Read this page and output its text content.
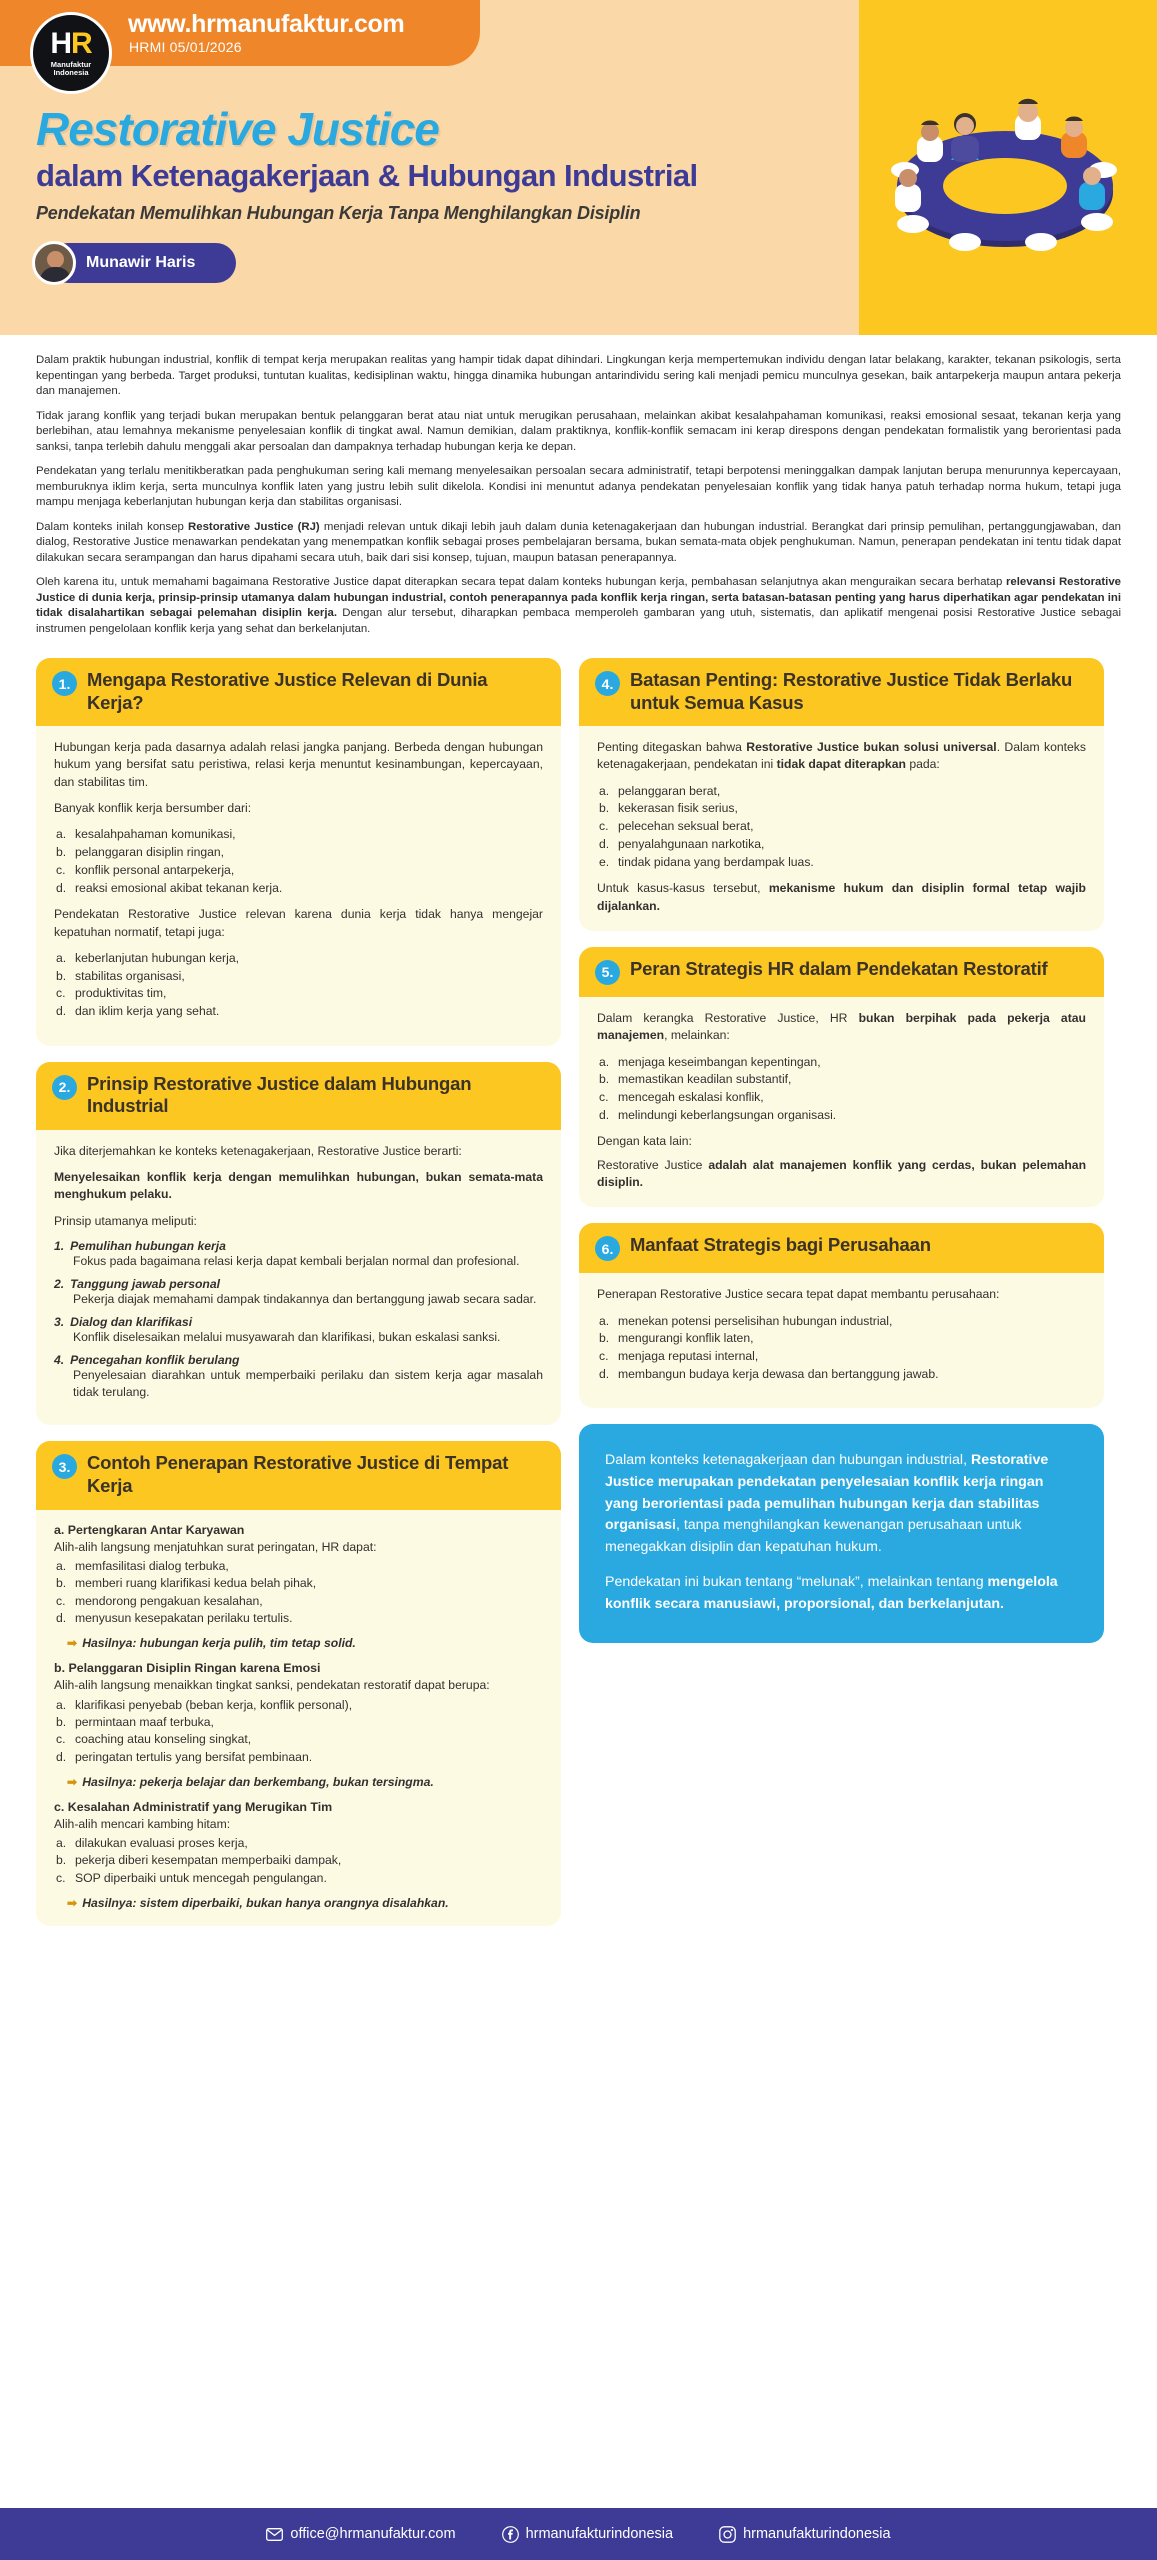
HR
Manufaktur
Indonesia
www.hrmanufaktur.com
HRMI 05/01/2026
Restorative Justice
dalam Ketenagakerjaan & Hubungan Industrial
Pendekatan Memulihkan Hubungan Kerja Tanpa Menghilangkan Disiplin
Munawir Haris

Dalam praktik hubungan industrial, konflik di tempat kerja merupakan realitas yang hampir tidak dapat dihindari. Lingkungan kerja mempertemukan individu dengan latar belakang, karakter, tekanan psikologis, serta kepentingan yang berbeda. Target produksi, tuntutan kualitas, kedisiplinan waktu, hingga dinamika hubungan antarindividu sering kali menjadi pemicu munculnya gesekan, baik antarpekerja maupun antara pekerja dan manajemen.

Tidak jarang konflik yang terjadi bukan merupakan bentuk pelanggaran berat atau niat untuk merugikan perusahaan, melainkan akibat kesalahpahaman komunikasi, reaksi emosional sesaat, tekanan kerja yang berlebihan, atau lemahnya mekanisme penyelesaian konflik di tingkat awal. Namun demikian, dalam praktiknya, konflik-konflik semacam ini kerap direspons dengan pendekatan formalistik yang berorientasi pada sanksi, tanpa terlebih dahulu menggali akar persoalan dan dampaknya terhadap hubungan kerja ke depan.

Pendekatan yang terlalu menitikberatkan pada penghukuman sering kali memang menyelesaikan persoalan secara administratif, tetapi berpotensi meninggalkan dampak lanjutan berupa menurunnya kepercayaan, memburuknya iklim kerja, serta munculnya konflik laten yang justru lebih sulit dikelola. Kondisi ini menuntut adanya pendekatan penyelesaian konflik yang tidak hanya patuh terhadap norma hukum, tetapi juga mampu menjaga keberlanjutan hubungan kerja dan stabilitas organisasi.

Dalam konteks inilah konsep Restorative Justice (RJ) menjadi relevan untuk dikaji lebih jauh dalam dunia ketenagakerjaan dan hubungan industrial. Berangkat dari prinsip pemulihan, pertanggungjawaban, dan dialog, Restorative Justice menawarkan pendekatan yang menempatkan konflik sebagai proses pembelajaran bersama, bukan semata-mata objek penghukuman. Namun, penerapan pendekatan ini tentu tidak dapat dilakukan secara serampangan dan harus dipahami secara utuh, baik dari sisi konsep, tujuan, maupun batasan penerapannya.

Oleh karena itu, untuk memahami bagaimana Restorative Justice dapat diterapkan secara tepat dalam konteks hubungan kerja, pembahasan selanjutnya akan menguraikan secara berhatap relevansi Restorative Justice di dunia kerja, prinsip-prinsip utamanya dalam hubungan industrial, contoh penerapannya pada konflik kerja ringan, serta batasan-batasan penting yang harus diperhatikan agar pendekatan ini tidak disalahartikan sebagai pelemahan disiplin kerja. Dengan alur tersebut, diharapkan pembaca memperoleh gambaran yang utuh, sistematis, dan aplikatif mengenai posisi Restorative Justice sebagai instrumen pengelolaan konflik kerja yang sehat dan berkelanjutan.

1. Mengapa Restorative Justice Relevan di Dunia Kerja?

Hubungan kerja pada dasarnya adalah relasi jangka panjang. Berbeda dengan hubungan hukum yang bersifat satu peristiwa, relasi kerja menuntut kesinambungan, kepercayaan, dan stabilitas tim.

Banyak konflik kerja bersumber dari:

a. kesalahpahaman komunikasi,
b. pelanggaran disiplin ringan,
c. konflik personal antarpekerja,
d. reaksi emosional akibat tekanan kerja.

Pendekatan Restorative Justice relevan karena dunia kerja tidak hanya mengejar kepatuhan normatif, tetapi juga:

a. keberlanjutan hubungan kerja,
b. stabilitas organisasi,
c. produktivitas tim,
d. dan iklim kerja yang sehat.
2. Prinsip Restorative Justice dalam Hubungan Industrial

Jika diterjemahkan ke konteks ketenagakerjaan, Restorative Justice berarti:

Menyelesaikan konflik kerja dengan memulihkan hubungan, bukan semata-mata menghukum pelaku.

Prinsip utamanya meliputi:

1. Pemulihan hubungan kerja
Fokus pada bagaimana relasi kerja dapat kembali berjalan normal dan profesional.
2. Tanggung jawab personal
Pekerja diajak memahami dampak tindakannya dan bertanggung jawab secara sadar.
3. Dialog dan klarifikasi
Konflik diselesaikan melalui musyawarah dan klarifikasi, bukan eskalasi sanksi.
4. Pencegahan konflik berulang
Penyelesaian diarahkan untuk memperbaiki perilaku dan sistem kerja agar masalah tidak terulang.
3. Contoh Penerapan Restorative Justice di Tempat Kerja
a. Pertengkaran Antar Karyawan

Alih-alih langsung menjatuhkan surat peringatan, HR dapat:

a. memfasilitasi dialog terbuka,
b. memberi ruang klarifikasi kedua belah pihak,
c. mendorong pengakuan kesalahan,
d. menyusun kesepakatan perilaku tertulis.
➡ Hasilnya: hubungan kerja pulih, tim tetap solid.
b. Pelanggaran Disiplin Ringan karena Emosi

Alih-alih langsung menaikkan tingkat sanksi, pendekatan restoratif dapat berupa:

a. klarifikasi penyebab (beban kerja, konflik personal),
b. permintaan maaf terbuka,
c. coaching atau konseling singkat,
d. peringatan tertulis yang bersifat pembinaan.
➡ Hasilnya: pekerja belajar dan berkembang, bukan tersingma.
c. Kesalahan Administratif yang Merugikan Tim

Alih-alih mencari kambing hitam:

a. dilakukan evaluasi proses kerja,
b. pekerja diberi kesempatan memperbaiki dampak,
c. SOP diperbaiki untuk mencegah pengulangan.
➡ Hasilnya: sistem diperbaiki, bukan hanya orangnya disalahkan.
4. Batasan Penting: Restorative Justice Tidak Berlaku untuk Semua Kasus

Penting ditegaskan bahwa Restorative Justice bukan solusi universal. Dalam konteks ketenagakerjaan, pendekatan ini tidak dapat diterapkan pada:

a. pelanggaran berat,
b. kekerasan fisik serius,
c. pelecehan seksual berat,
d. penyalahgunaan narkotika,
e. tindak pidana yang berdampak luas.

Untuk kasus-kasus tersebut, mekanisme hukum dan disiplin formal tetap wajib dijalankan.

5. Peran Strategis HR dalam Pendekatan Restoratif

Dalam kerangka Restorative Justice, HR bukan berpihak pada pekerja atau manajemen, melainkan:

a. menjaga keseimbangan kepentingan,
b. memastikan keadilan substantif,
c. mencegah eskalasi konflik,
d. melindungi keberlangsungan organisasi.

Dengan kata lain:

Restorative Justice adalah alat manajemen konflik yang cerdas, bukan pelemahan disiplin.

6. Manfaat Strategis bagi Perusahaan

Penerapan Restorative Justice secara tepat dapat membantu perusahaan:

a. menekan potensi perselisihan hubungan industrial,
b. mengurangi konflik laten,
c. menjaga reputasi internal,
d. membangun budaya kerja dewasa dan bertanggung jawab.

Dalam konteks ketenagakerjaan dan hubungan industrial, Restorative Justice merupakan pendekatan penyelesaian konflik kerja ringan yang berorientasi pada pemulihan hubungan kerja dan stabilitas organisasi, tanpa menghilangkan kewenangan perusahaan untuk menegakkan disiplin dan kepatuhan hukum.

Pendekatan ini bukan tentang “melunak”, melainkan tentang mengelola konflik secara manusiawi, proporsional, dan berkelanjutan.

office@hrmanufaktur.com	hrmanufakturindonesia	hrmanufakturindonesia
